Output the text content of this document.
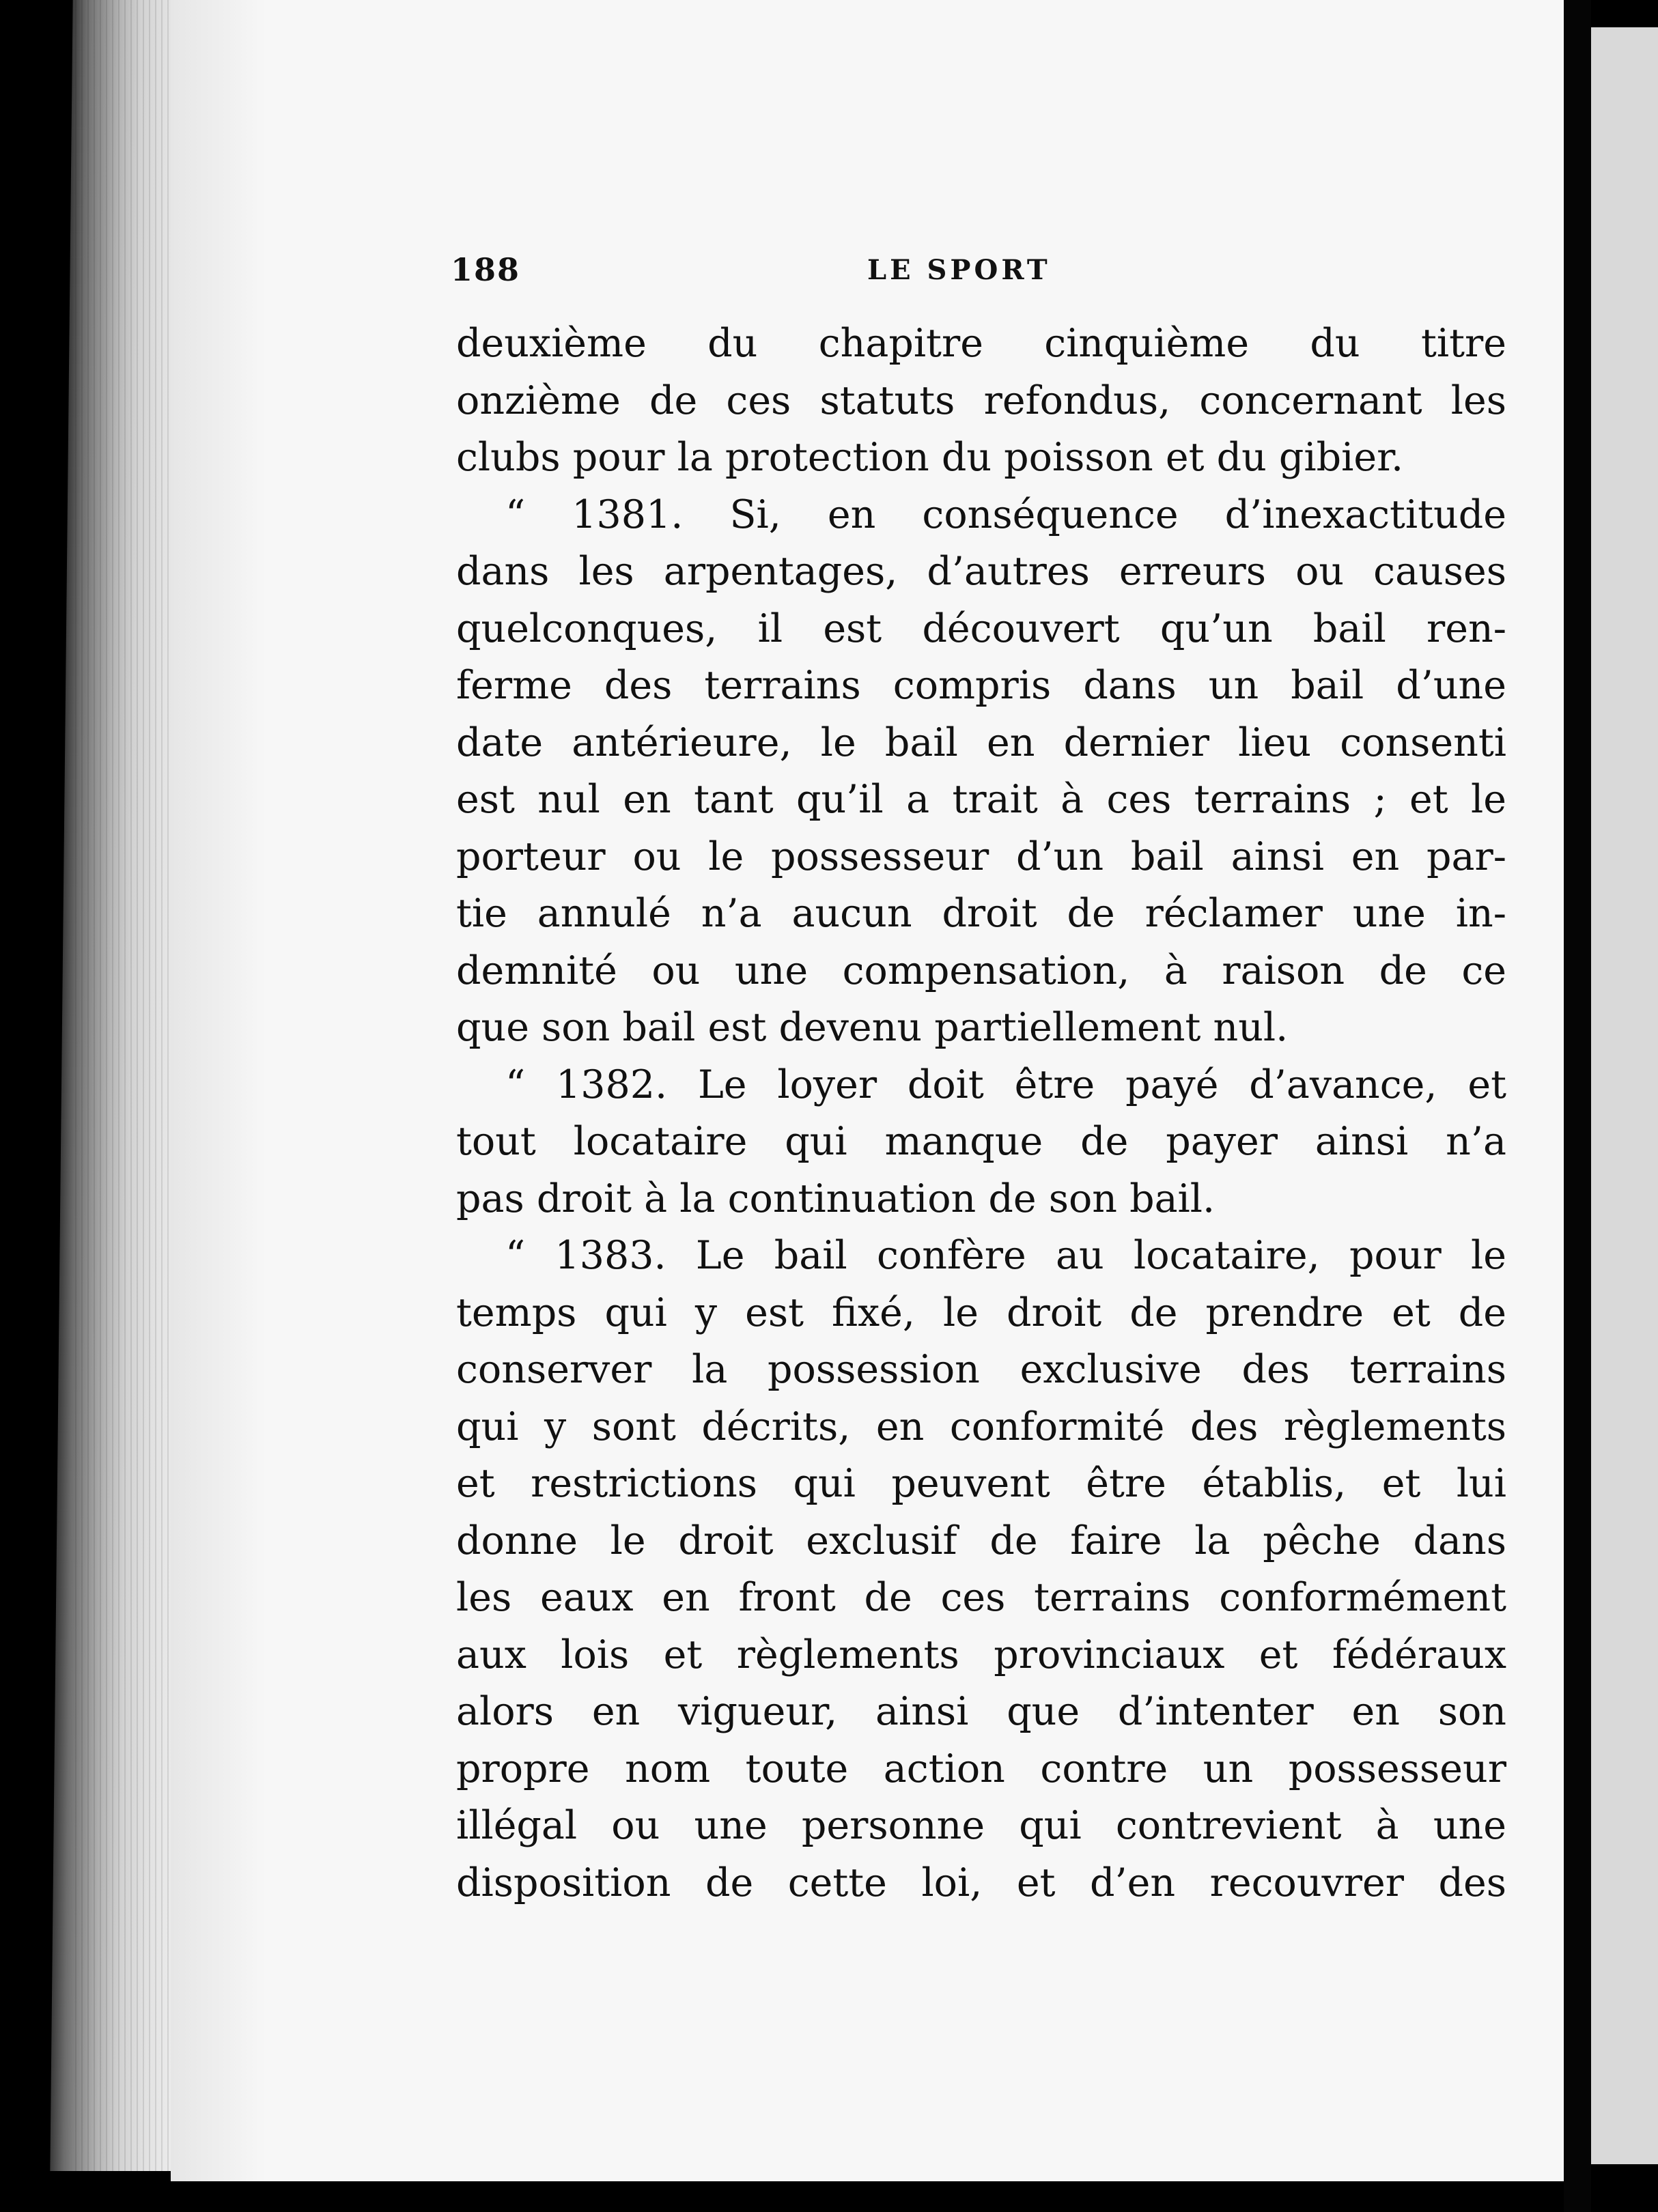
188	LE SPORT
deuxième du chapitre cinquième du titre
onzième de ces statuts refondus, concernant les
clubs pour la protection du poisson et du gibier.
“ 1381. Si, en conséquence d’inexactitude
dans les arpentages, d’autres erreurs ou causes
quelconques, il est découvert qu’un bail ren-
ferme des terrains compris dans un bail d’une
date antérieure, le bail en dernier lieu consenti
est nul en tant qu’il a trait à ces terrains ; et le
porteur ou le possesseur d’un bail ainsi en par-
tie annulé n’a aucun droit de réclamer une in-
demnité ou une compensation, à raison de ce
que son bail est devenu partiellement nul.
“ 1382. Le loyer doit être payé d’avance, et
tout locataire qui manque de payer ainsi n’a
pas droit à la continuation de son bail.
“ 1383. Le bail confère au locataire, pour le
temps qui y est fixé, le droit de prendre et de
conserver la possession exclusive des terrains
qui y sont décrits, en conformité des règlements
et restrictions qui peuvent être établis, et lui
donne le droit exclusif de faire la pêche dans
les eaux en front de ces terrains conformément
aux lois et règlements provinciaux et fédéraux
alors en vigueur, ainsi que d’intenter en son
propre nom toute action contre un possesseur
illégal ou une personne qui contrevient à une
disposition de cette loi, et d’en recouvrer des
